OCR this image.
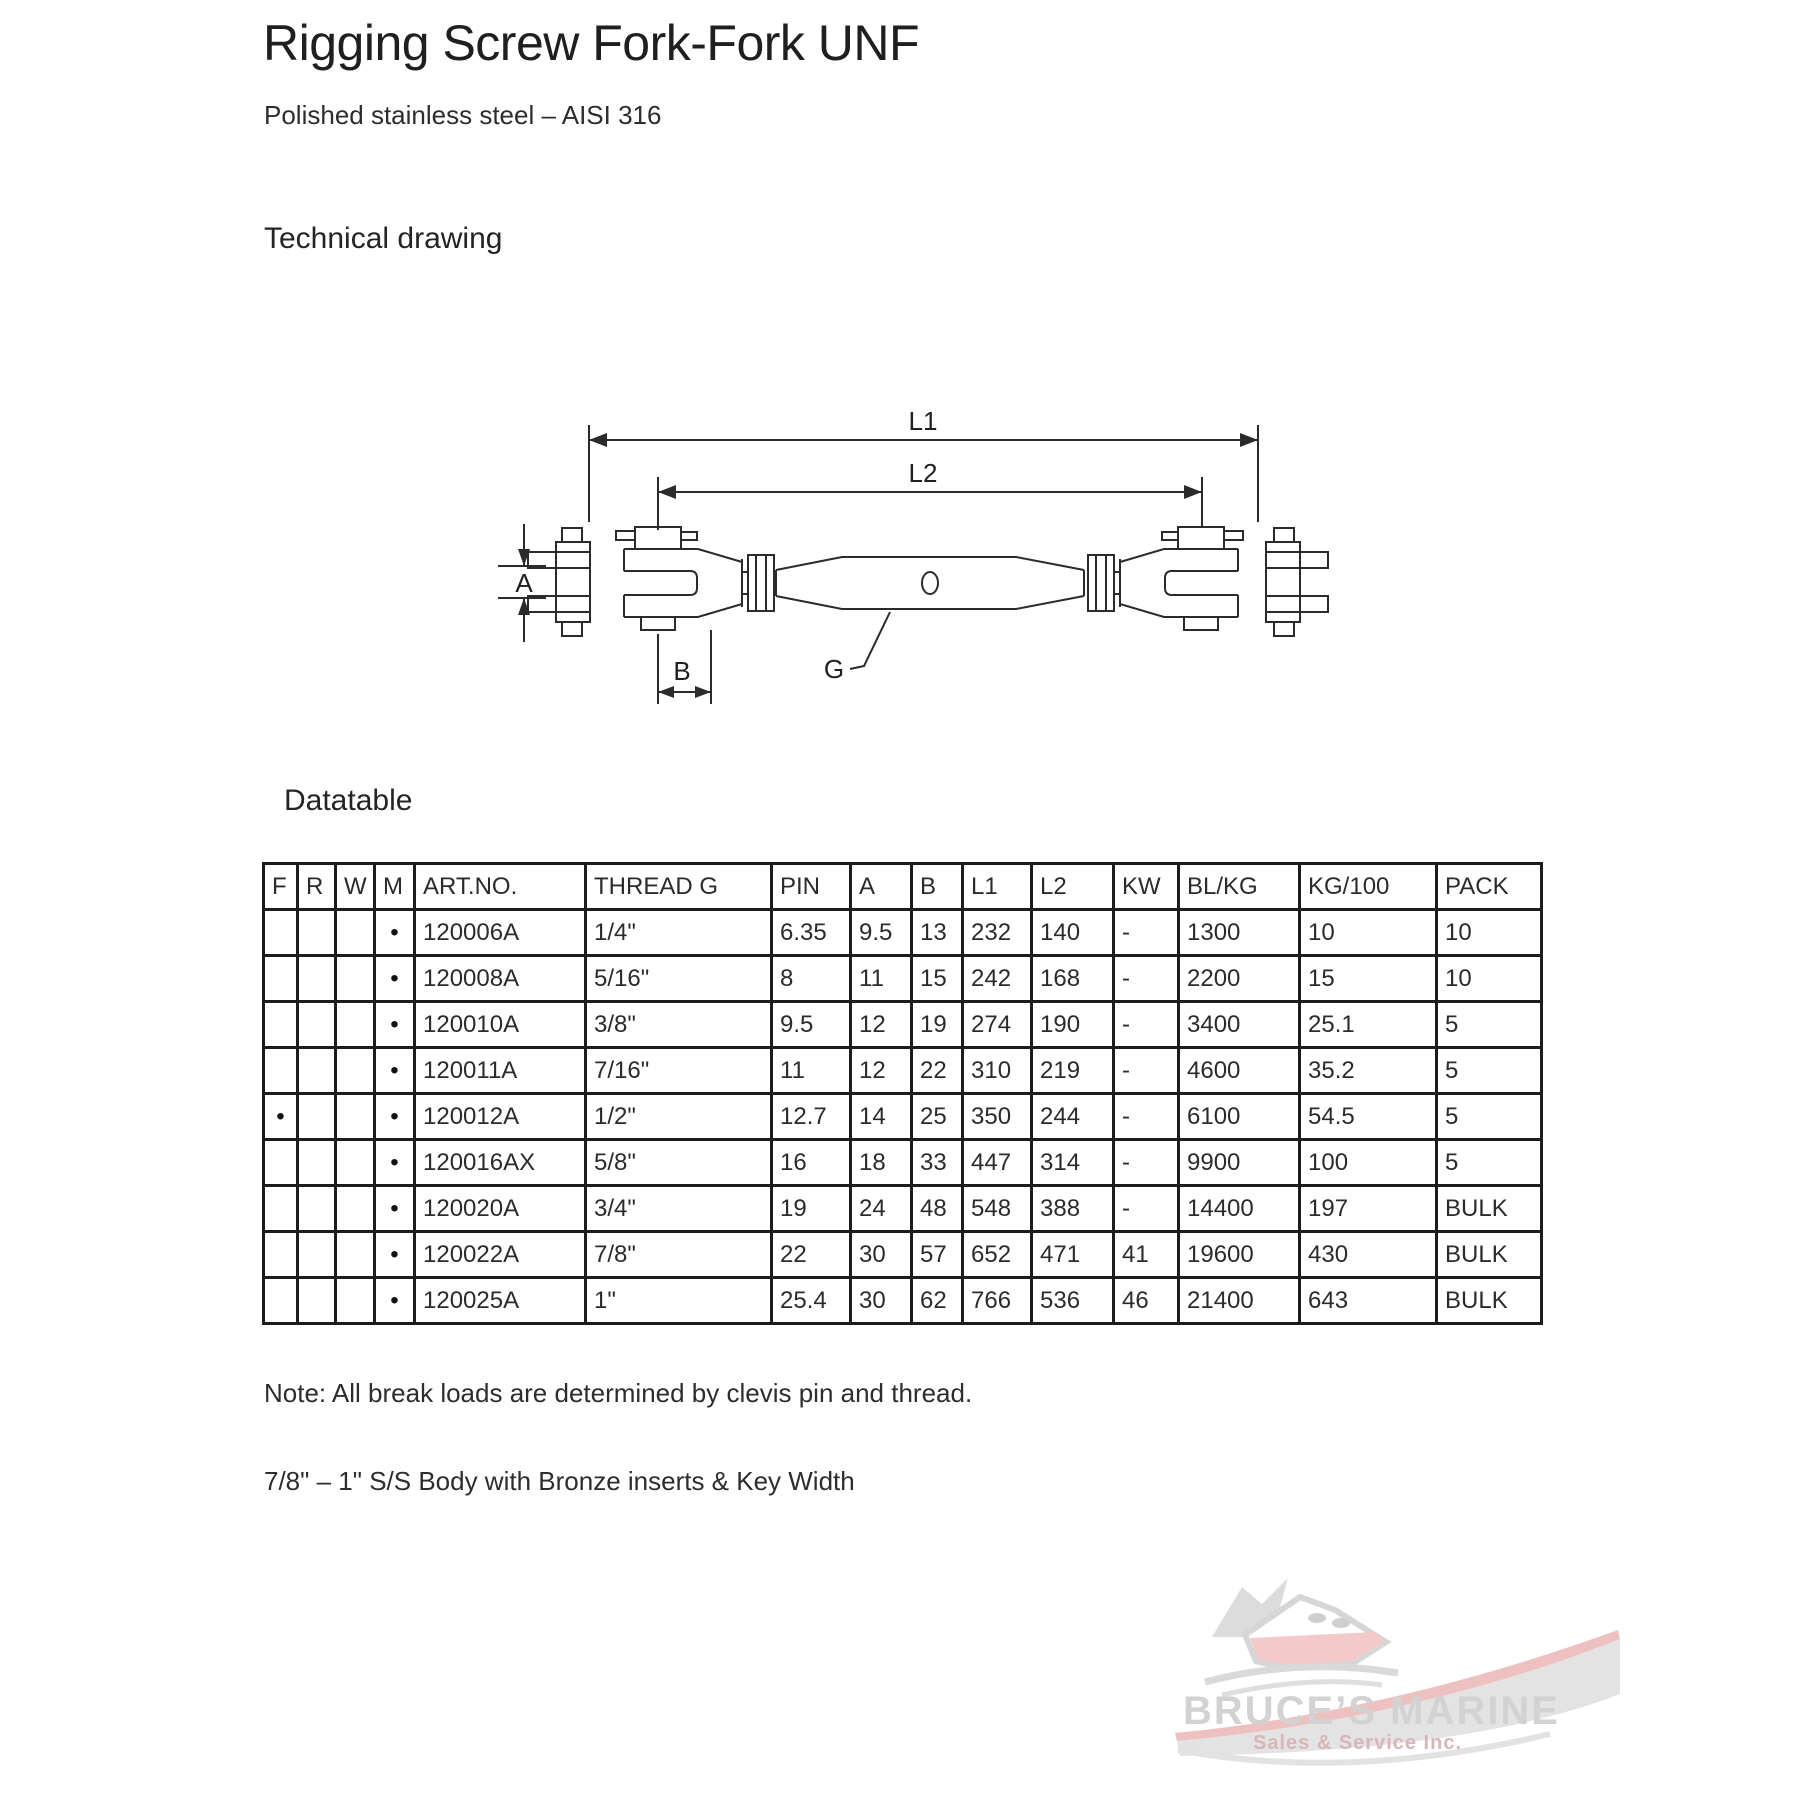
Rigging Screw Fork-Fork UNF
Polished stainless steel – AISI 316
Technical drawing
L1
L2
A
B	G
Datatable
F	R	W	M	ART.NO.	THREAD G	PIN	A	B	L1	L2	KW	BL/KG	KG/100	PACK
			•	120006A	1/4"	6.35	9.5	13	232	140	-	1300	10	10
			•	120008A	5/16"	8	11	15	242	168	-	2200	15	10
			•	120010A	3/8"	9.5	12	19	274	190	-	3400	25.1	5
			•	120011A	7/16"	11	12	22	310	219	-	4600	35.2	5
•			•	120012A	1/2"	12.7	14	25	350	244	-	6100	54.5	5
			•	120016AX	5/8"	16	18	33	447	314	-	9900	100	5
			•	120020A	3/4"	19	24	48	548	388	-	14400	197	BULK
			•	120022A	7/8"	22	30	57	652	471	41	19600	430	BULK
			•	120025A	1"	25.4	30	62	766	536	46	21400	643	BULK
Note: All break loads are determined by clevis pin and thread.
7/8" – 1" S/S Body with Bronze inserts & Key Width
BRUCE’S MARINE
Sales & Service Inc.
